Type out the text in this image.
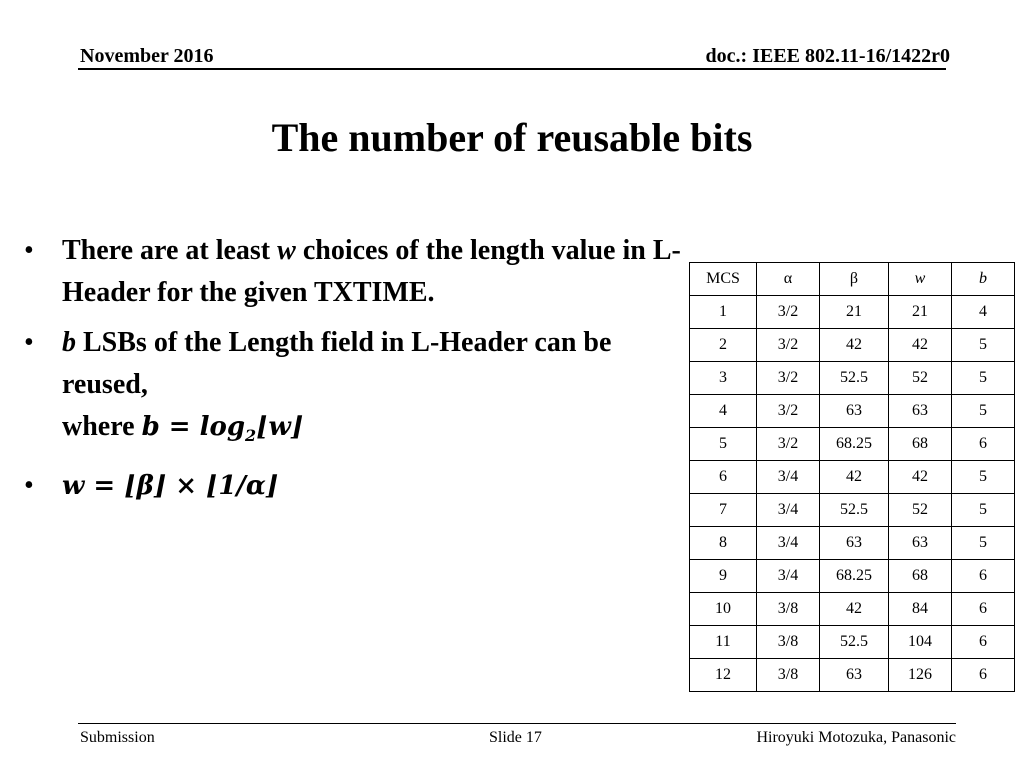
November 2016	doc.: IEEE 802.11-16/1422r0
The number of reusable bits
• There are at least w choices of the length value in L-Header for the given TXTIME.
• b LSBs of the Length field in L-Header can be reused,
where $b = \log_2⌊w⌋$
• w = ⌊β⌋ × ⌊1/α⌋
MCS	α	β	w	b
1	3/2	21	21	4
2	3/2	42	42	5
3	3/2	52.5	52	5
4	3/2	63	63	5
5	3/2	68.25	68	6
6	3/4	42	42	5
7	3/4	52.5	52	5
8	3/4	63	63	5
9	3/4	68.25	68	6
10	3/8	42	84	6
11	3/8	52.5	104	6
12	3/8	63	126	6
Submission	Slide 17	Hiroyuki Motozuka, Panasonic
